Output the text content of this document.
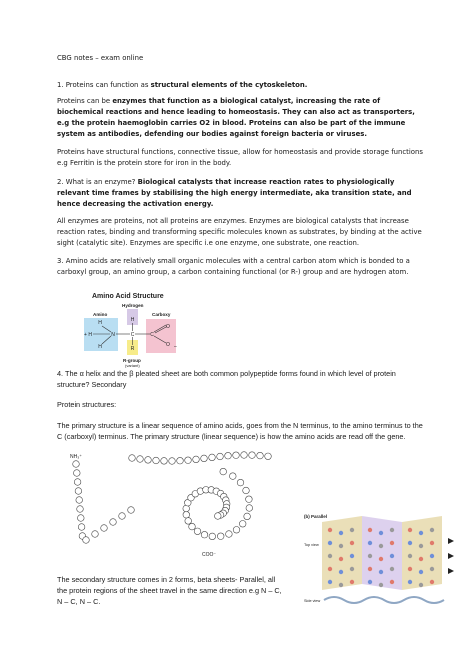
CBG notes – exam online

1. Proteins can function as structural elements of the cytoskeleton.

Proteins can be enzymes that function as a biological catalyst, increasing the rate of biochemical reactions and hence leading to homeostasis. They can also act as transporters, e.g the protein haemoglobin carries O2 in blood. Proteins can also be part of the immune system as antibodies, defending our bodies against foreign bacteria or viruses.

Proteins have structural functions, connective tissue, allow for homeostasis and provide storage functions e.g Ferritin is the protein store for iron in the body.

2. What is an enzyme? Biological catalysts that increase reaction rates to physiologically relevant time frames by stabilising the high energy intermediate, aka transition state, and hence decreasing the activation energy.

All enzymes are proteins, not all proteins are enzymes. Enzymes are biological catalysts that increase reaction rates, binding and transforming specific molecules known as substrates, by binding at the active sight (catalytic site). Enzymes are specific i.e one enzyme, one substrate, one reaction.

3. Amino acids are relatively small organic molecules with a central carbon atom which is bonded to a carboxyl group, an amino group, a carbon containing functional (or R-) group and are hydrogen atom.

Amino Acid Structure
Hydrogen
Amino	Carboxy
H
+ H	N
H
H
C
R
C
O
O –
R-group
(variant)

4. The α helix and the β pleated sheet are both common polypeptide forms found in which level of protein structure? Secondary

Protein structures:

The primary structure is a linear sequence of amino acids, goes from the N terminus, to the amino terminus to the C (carboxyl) terminus. The primary structure (linear sequence) is how the amino acids are read off the gene.

NH₃⁺
COO⁻
(b) Parallel
Top view
Side view

The secondary structure comes in 2 forms, beta sheets- Parallel, all the protein regions of the sheet travel in the same direction e.g N – C, N – C, N – C.
